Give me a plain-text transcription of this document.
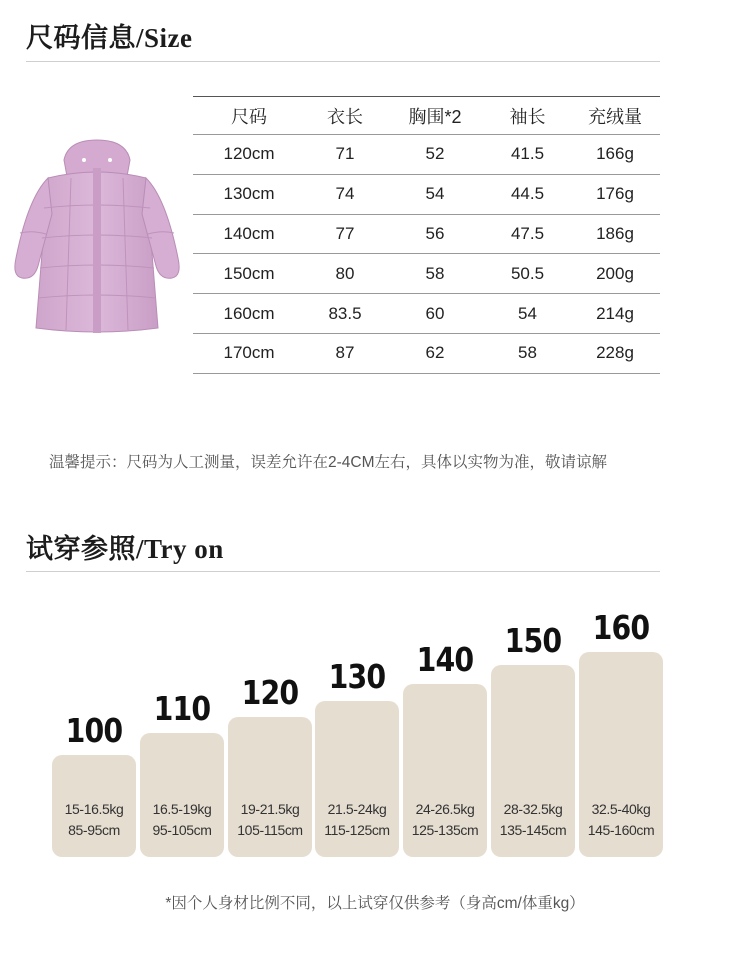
尺码信息/Size
尺码	衣长	胸围*2	袖长	充绒量
120cm	71	52	41.5	166g
130cm	74	54	44.5	176g
140cm	77	56	47.5	186g
150cm	80	58	50.5	200g
160cm	83.5	60	54	214g
170cm	87	62	58	228g
温馨提示：尺码为人工测量，误差允许在2-4CM左右，具体以实物为准，敬请谅解
试穿参照/Try on
100
15-16.5kg
85-95cm
110
16.5-19kg
95-105cm
120
19-21.5kg
105-115cm
130
21.5-24kg
115-125cm
140
24-26.5kg
125-135cm
150
28-32.5kg
135-145cm
160
32.5-40kg
145-160cm
*因个人身材比例不同，以上试穿仅供参考（身高cm/体重kg）
